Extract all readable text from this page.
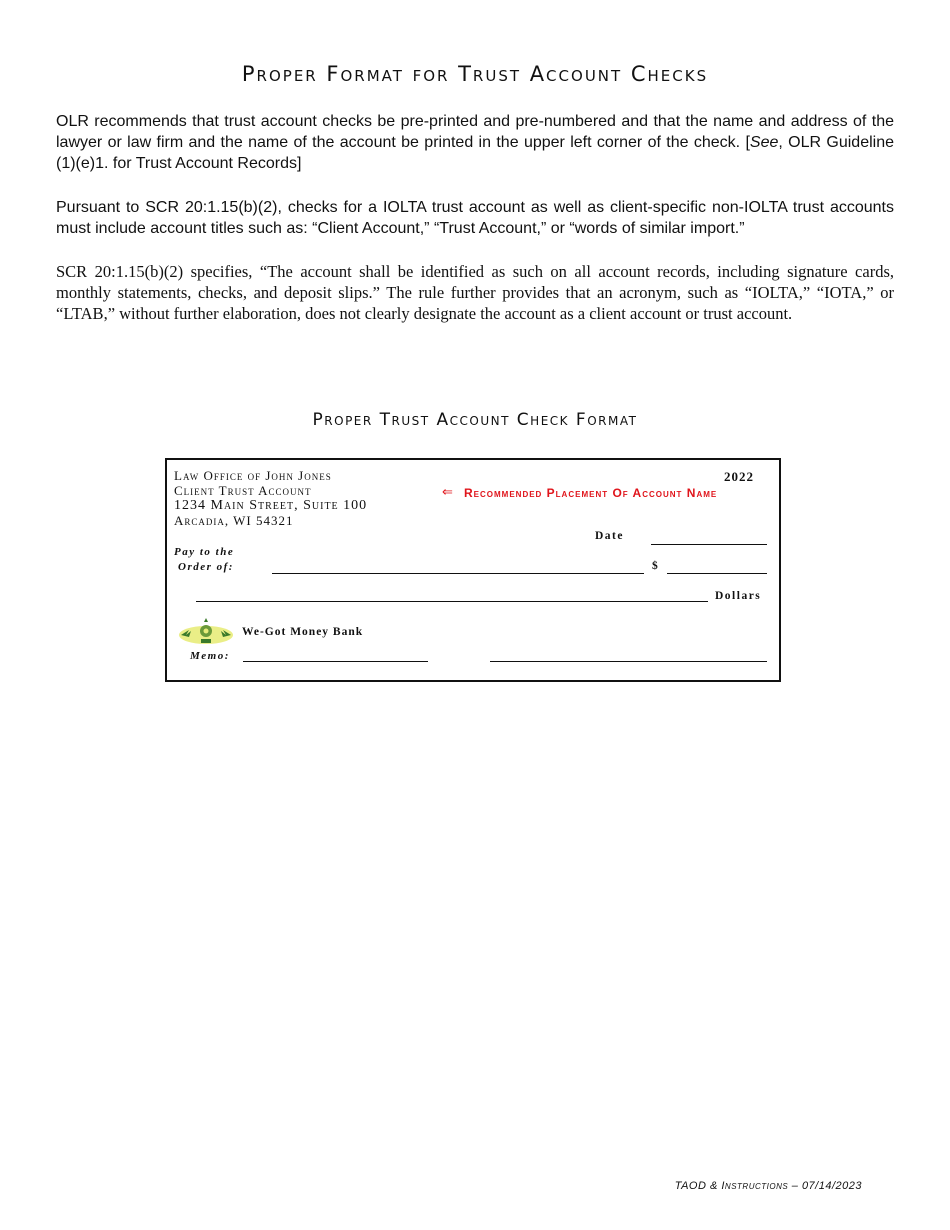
Proper Format for Trust Account Checks

OLR recommends that trust account checks be pre-printed and pre-numbered and that the name and address of the lawyer or law firm and the name of the account be printed in the upper left corner of the check. [See, OLR Guideline (1)(e)1. for Trust Account Records]

Pursuant to SCR 20:1.15(b)(2), checks for a IOLTA trust account as well as client-specific non-IOLTA trust accounts must include account titles such as: “Client Account,” “Trust Account,” or “words of similar import.”

SCR 20:1.15(b)(2) specifies, “The account shall be identified as such on all account records, including signature cards, monthly statements, checks, and deposit slips.” The rule further provides that an acronym, such as “IOLTA,” “IOTA,” or “LTAB,” without further elaboration, does not clearly designate the account as a client account or trust account.

Proper Trust Account Check Format
Law Office of John Jones
Client Trust Account
1234 Main Street, Suite 100
Arcadia, WI 54321
2022
⇐ Recommended Placement Of Account Name
Date
Pay to the
Order of:	$
Dollars
We-Got Money Bank
Memo:
TAOD & Instructions – 07/14/2023
